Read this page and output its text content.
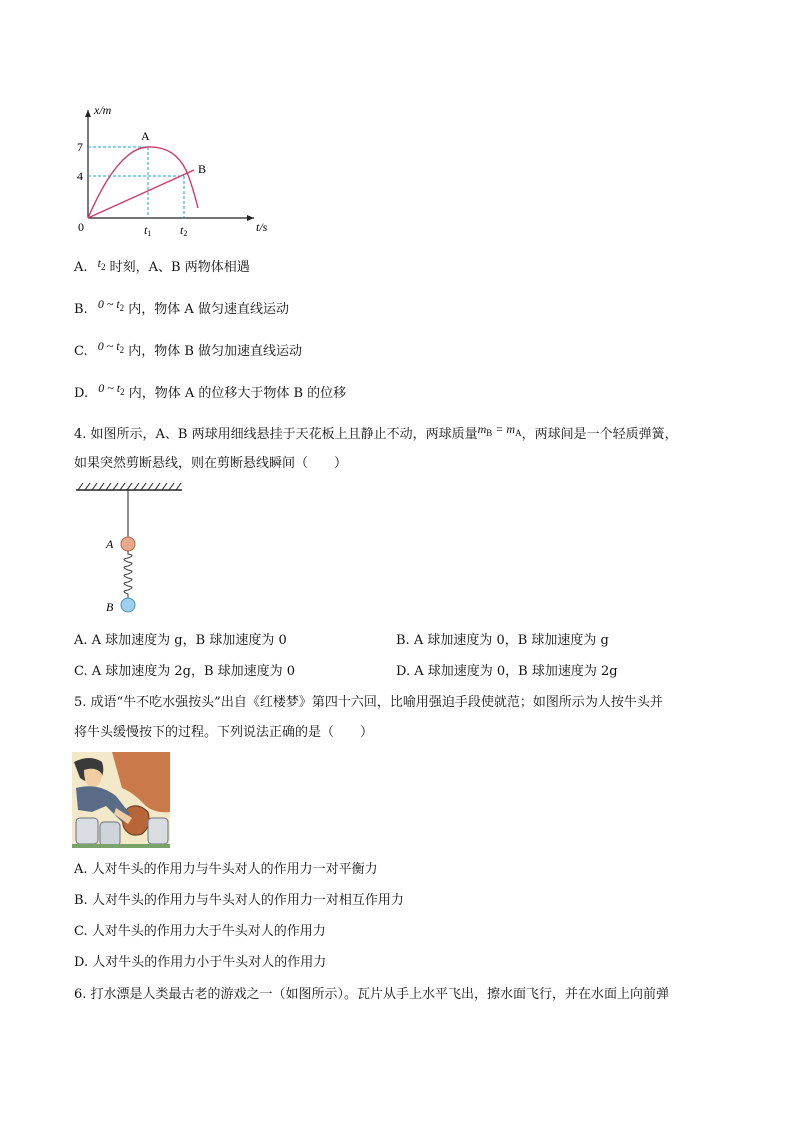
x/m
t/s
0
7
4
t1 t2
A
B
A. $t_2$ 时刻，A、B 两物体相遇
B. 0 ~ $t_2$ 内，物体 A 做匀速直线运动
C. 0 ~ $t_2$ 内，物体 B 做匀加速直线运动
D. 0 ~ $t_2$ 内，物体 A 的位移大于物体 B 的位移
4. 如图所示，A、B 两球用细线悬挂于天花板上且静止不动，两球质量$m_B = m_A$，两球间是一个轻质弹簧，
如果突然剪断悬线，则在剪断悬线瞬间（　　）
A
B
A. A 球加速度为 g，B 球加速度为 0	B. A 球加速度为 0，B 球加速度为 g
C. A 球加速度为 2g，B 球加速度为 0	D. A 球加速度为 0，B 球加速度为 2g
5. 成语“牛不吃水强按头”出自《红楼梦》第四十六回，比喻用强迫手段使就范；如图所示为人按牛头并
将牛头缓慢按下的过程。下列说法正确的是（　　）
A. 人对牛头的作用力与牛头对人的作用力一对平衡力
B. 人对牛头的作用力与牛头对人的作用力一对相互作用力
C. 人对牛头的作用力大于牛头对人的作用力
D. 人对牛头的作用力小于牛头对人的作用力
6. 打水漂是人类最古老的游戏之一（如图所示）。瓦片从手上水平飞出，擦水面飞行，并在水面上向前弹
